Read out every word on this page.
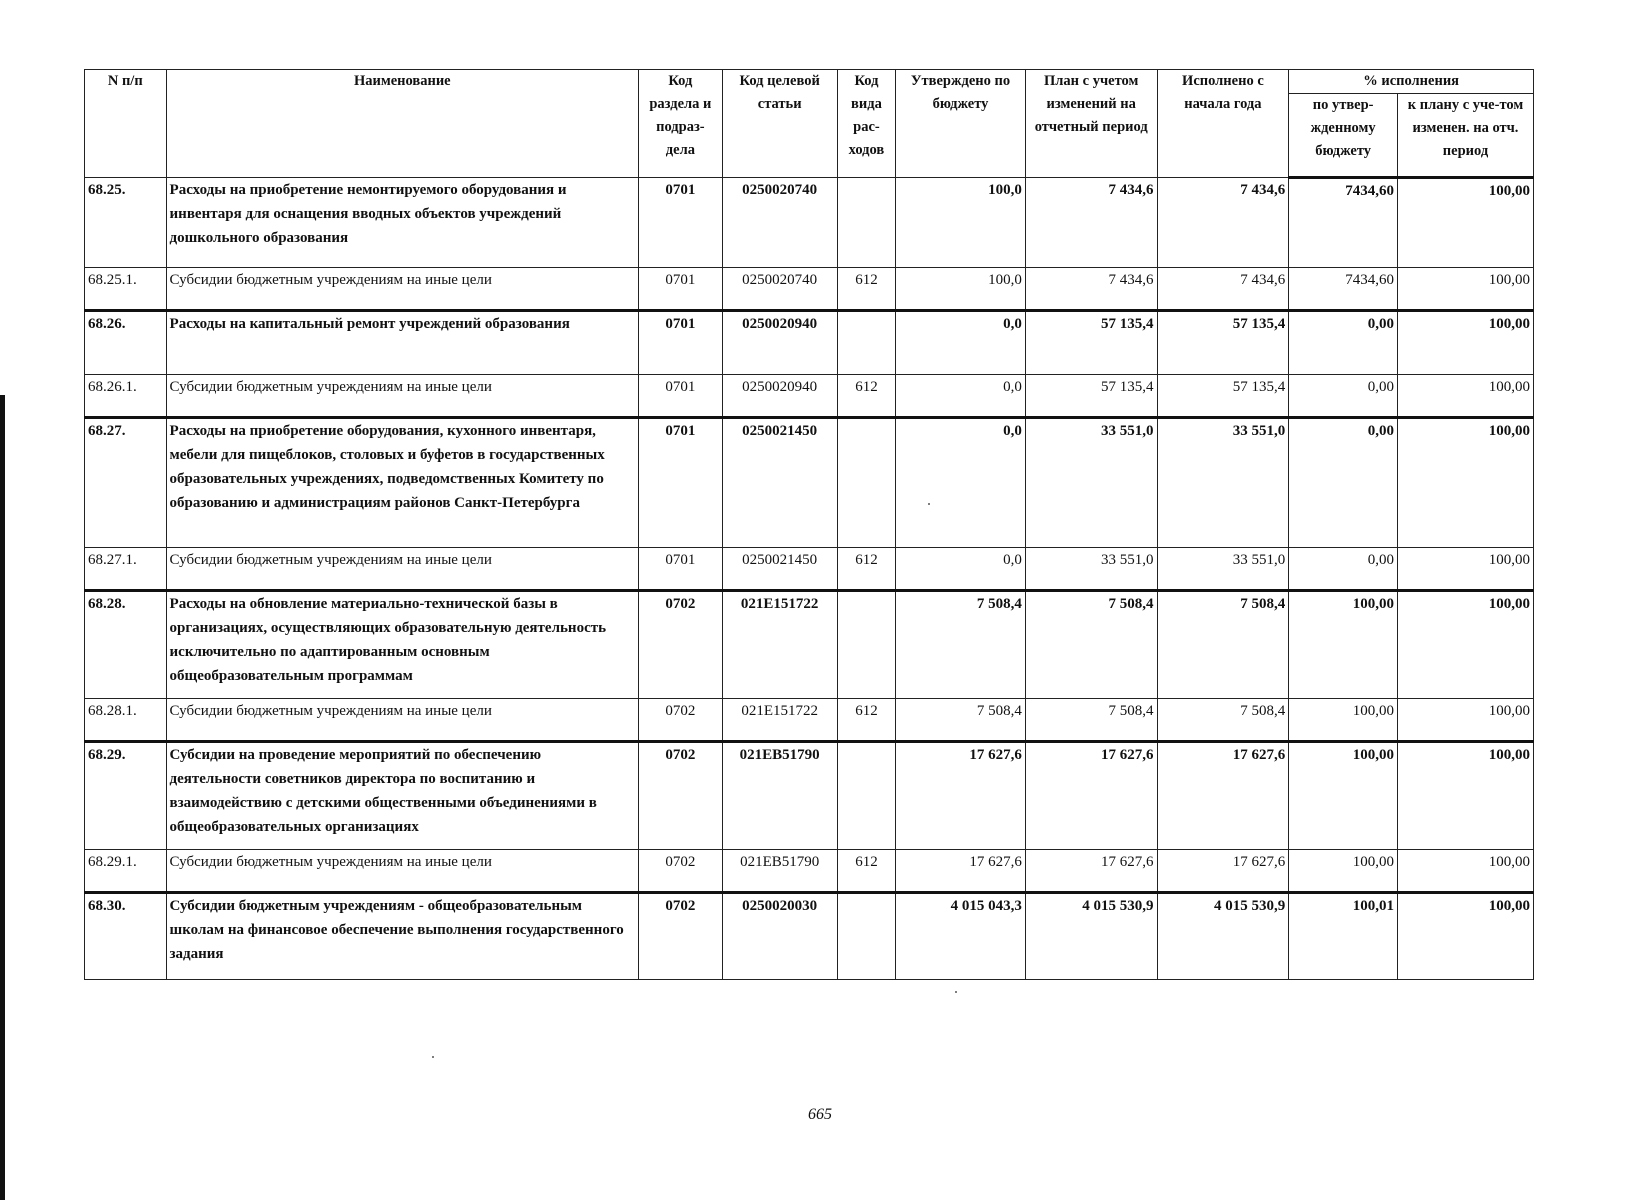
N п/п	Наименование	Код раздела и подраз-дела	Код целевой статьи	Код вида рас-ходов	Утверждено по бюджету	План с учетом изменений на отчетный период	Исполнено с начала года	% исполнения	
								по утвер-жденному бюджету	к плану с уче-том изменен. на отч. период
68.25.	Расходы на приобретение немонтируемого оборудования и инвентаря для оснащения вводных объектов учреждений дошкольного образования	0701	0250020740		100,0	7 434,6	7 434,6	7434,60	100,00
68.25.1.	Субсидии бюджетным учреждениям на иные цели	0701	0250020740	612	100,0	7 434,6	7 434,6	7434,60	100,00
68.26.	Расходы на капитальный ремонт учреждений образования	0701	0250020940		0,0	57 135,4	57 135,4	0,00	100,00
68.26.1.	Субсидии бюджетным учреждениям на иные цели	0701	0250020940	612	0,0	57 135,4	57 135,4	0,00	100,00
68.27.	Расходы на приобретение оборудования, кухонного инвентаря, мебели для пищеблоков, столовых и буфетов в государственных образовательных учреждениях, подведомственных Комитету по образованию и администрациям районов Санкт-Петербурга	0701	0250021450		0,0	33 551,0	33 551,0	0,00	100,00
68.27.1.	Субсидии бюджетным учреждениям на иные цели	0701	0250021450	612	0,0	33 551,0	33 551,0	0,00	100,00
68.28.	Расходы на обновление материально-технической базы в организациях, осуществляющих образовательную деятельность исключительно по адаптированным основным общеобразовательным программам	0702	021E151722		7 508,4	7 508,4	7 508,4	100,00	100,00
68.28.1.	Субсидии бюджетным учреждениям на иные цели	0702	021E151722	612	7 508,4	7 508,4	7 508,4	100,00	100,00
68.29.	Субсидии на проведение мероприятий по обеспечению деятельности советников директора по воспитанию и взаимодействию с детскими общественными объединениями в общеобразовательных организациях	0702	021EB51790		17 627,6	17 627,6	17 627,6	100,00	100,00
68.29.1.	Субсидии бюджетным учреждениям на иные цели	0702	021EB51790	612	17 627,6	17 627,6	17 627,6	100,00	100,00
68.30.	Субсидии бюджетным учреждениям - общеобразовательным школам на финансовое обеспечение выполнения государственного задания	0702	0250020030		4 015 043,3	4 015 530,9	4 015 530,9	100,01	100,00
665
